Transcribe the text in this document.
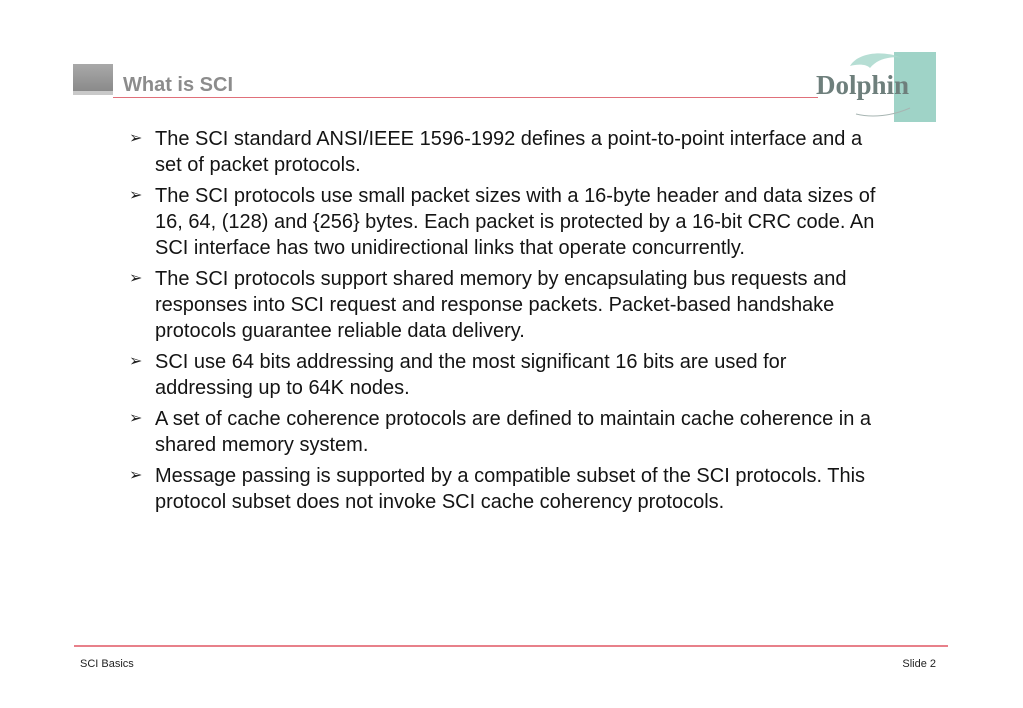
What is SCI	Dolphin
➢ The SCI standard ANSI/IEEE 1596-1992 defines a point-to-point interface and a set of packet protocols.
➢ The SCI protocols use small packet sizes with a 16-byte header and data sizes of 16, 64, (128) and {256} bytes. Each packet is protected by a 16-bit CRC code. An SCI interface has two unidirectional links that operate concurrently.
➢ The SCI protocols support shared memory by encapsulating bus requests and responses into SCI request and response packets. Packet-based handshake protocols guarantee reliable data delivery.
➢ SCI use 64 bits addressing and the most significant 16 bits are used for addressing up to 64K nodes.
➢ A set of cache coherence protocols are defined to maintain cache coherence in a shared memory system.
➢ Message passing is supported by a compatible subset of the SCI protocols. This protocol subset does not invoke SCI cache coherency protocols.
SCI Basics	Slide 2
